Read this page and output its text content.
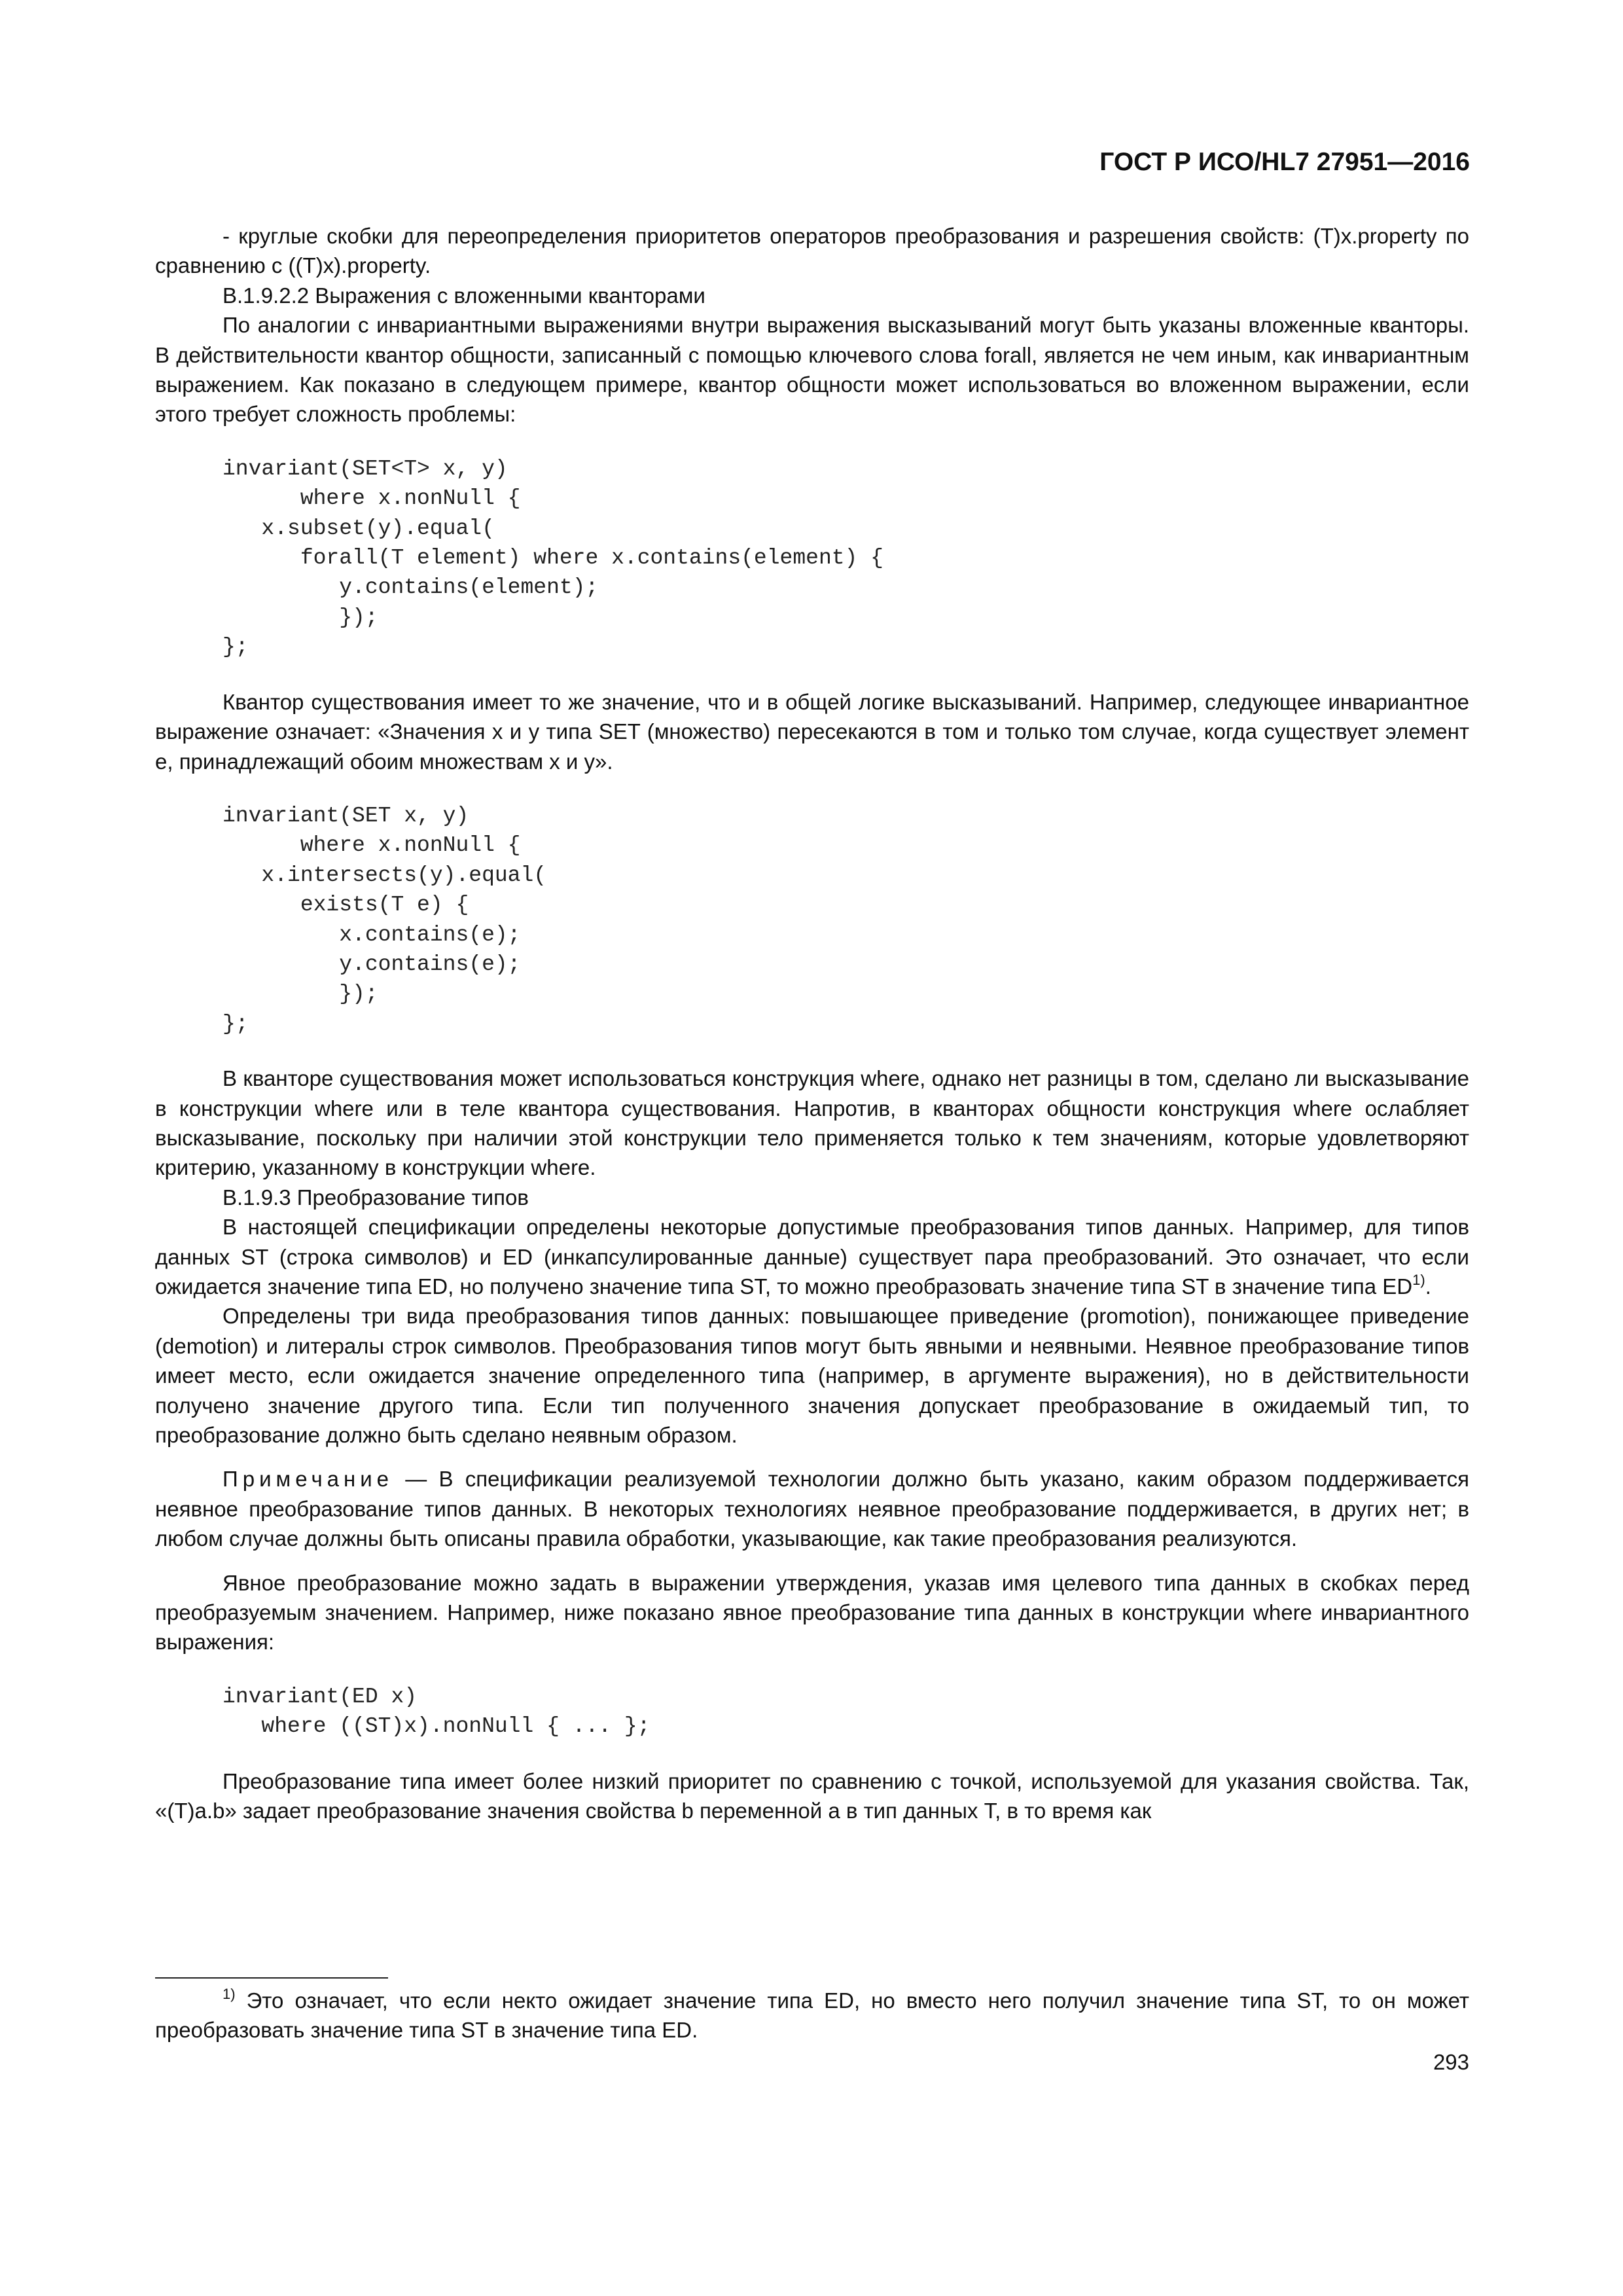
ГОСТ Р ИСО/HL7 27951—2016

- круглые скобки для переопределения приоритетов операторов преобразования и разрешения свойств: (T)x.property по сравнению с ((T)x).property.

B.1.9.2.2 Выражения с вложенными кванторами

По аналогии с инвариантными выражениями внутри выражения высказываний могут быть указаны вложенные кванторы. В действительности квантор общности, записанный с помощью ключевого слова forall, является не чем иным, как инвариантным выражением. Как показано в следующем примере, квантор общности может использоваться во вложенном выражении, если этого требует сложность проблемы:

invariant(SET<T> x, y)
where x.nonNull {
x.subset(y).equal(
forall(T element) where x.contains(element) {
y.contains(element);
});
};

Квантор существования имеет то же значение, что и в общей логике высказываний. Например, следующее инвариантное выражение означает: «Значения x и y типа SET (множество) пересекаются в том и только том случае, когда существует элемент e, принадлежащий обоим множествам x и y».

invariant(SET x, y)
where x.nonNull {
x.intersects(y).equal(
exists(T e) {
x.contains(e);
y.contains(e);
});
};

В кванторе существования может использоваться конструкция where, однако нет разницы в том, сделано ли высказывание в конструкции where или в теле квантора существования. Напротив, в кванторах общности конструкция where ослабляет высказывание, поскольку при наличии этой конструкции тело применяется только к тем значениям, которые удовлетворяют критерию, указанному в конструкции where.

B.1.9.3 Преобразование типов

В настоящей спецификации определены некоторые допустимые преобразования типов данных. Например, для типов данных ST (строка символов) и ED (инкапсулированные данные) существует пара преобразований. Это означает, что если ожидается значение типа ED, но получено значение типа ST, то можно преобразовать значение типа ST в значение типа ED$^{1)}$.

Определены три вида преобразования типов данных: повышающее приведение (promotion), понижающее приведение (demotion) и литералы строк символов. Преобразования типов могут быть явными и неявными. Неявное преобразование типов имеет место, если ожидается значение определенного типа (например, в аргументе выражения), но в действительности получено значение другого типа. Если тип полученного значения допускает преобразование в ожидаемый тип, то преобразование должно быть сделано неявным образом.

Примечание — В спецификации реализуемой технологии должно быть указано, каким образом поддерживается неявное преобразование типов данных. В некоторых технологиях неявное преобразование поддерживается, в других нет; в любом случае должны быть описаны правила обработки, указывающие, как такие преобразования реализуются.

Явное преобразование можно задать в выражении утверждения, указав имя целевого типа данных в скобках перед преобразуемым значением. Например, ниже показано явное преобразование типа данных в конструкции where инвариантного выражения:

invariant(ED x)
where ((ST)x).nonNull { ... };

Преобразование типа имеет более низкий приоритет по сравнению с точкой, используемой для указания свойства. Так, «(T)a.b» задает преобразование значения свойства b переменной a в тип данных T, в то время как

$^{1)}$ Это означает, что если некто ожидает значение типа ED, но вместо него получил значение типа ST, то он может преобразовать значение типа ST в значение типа ED.

293
